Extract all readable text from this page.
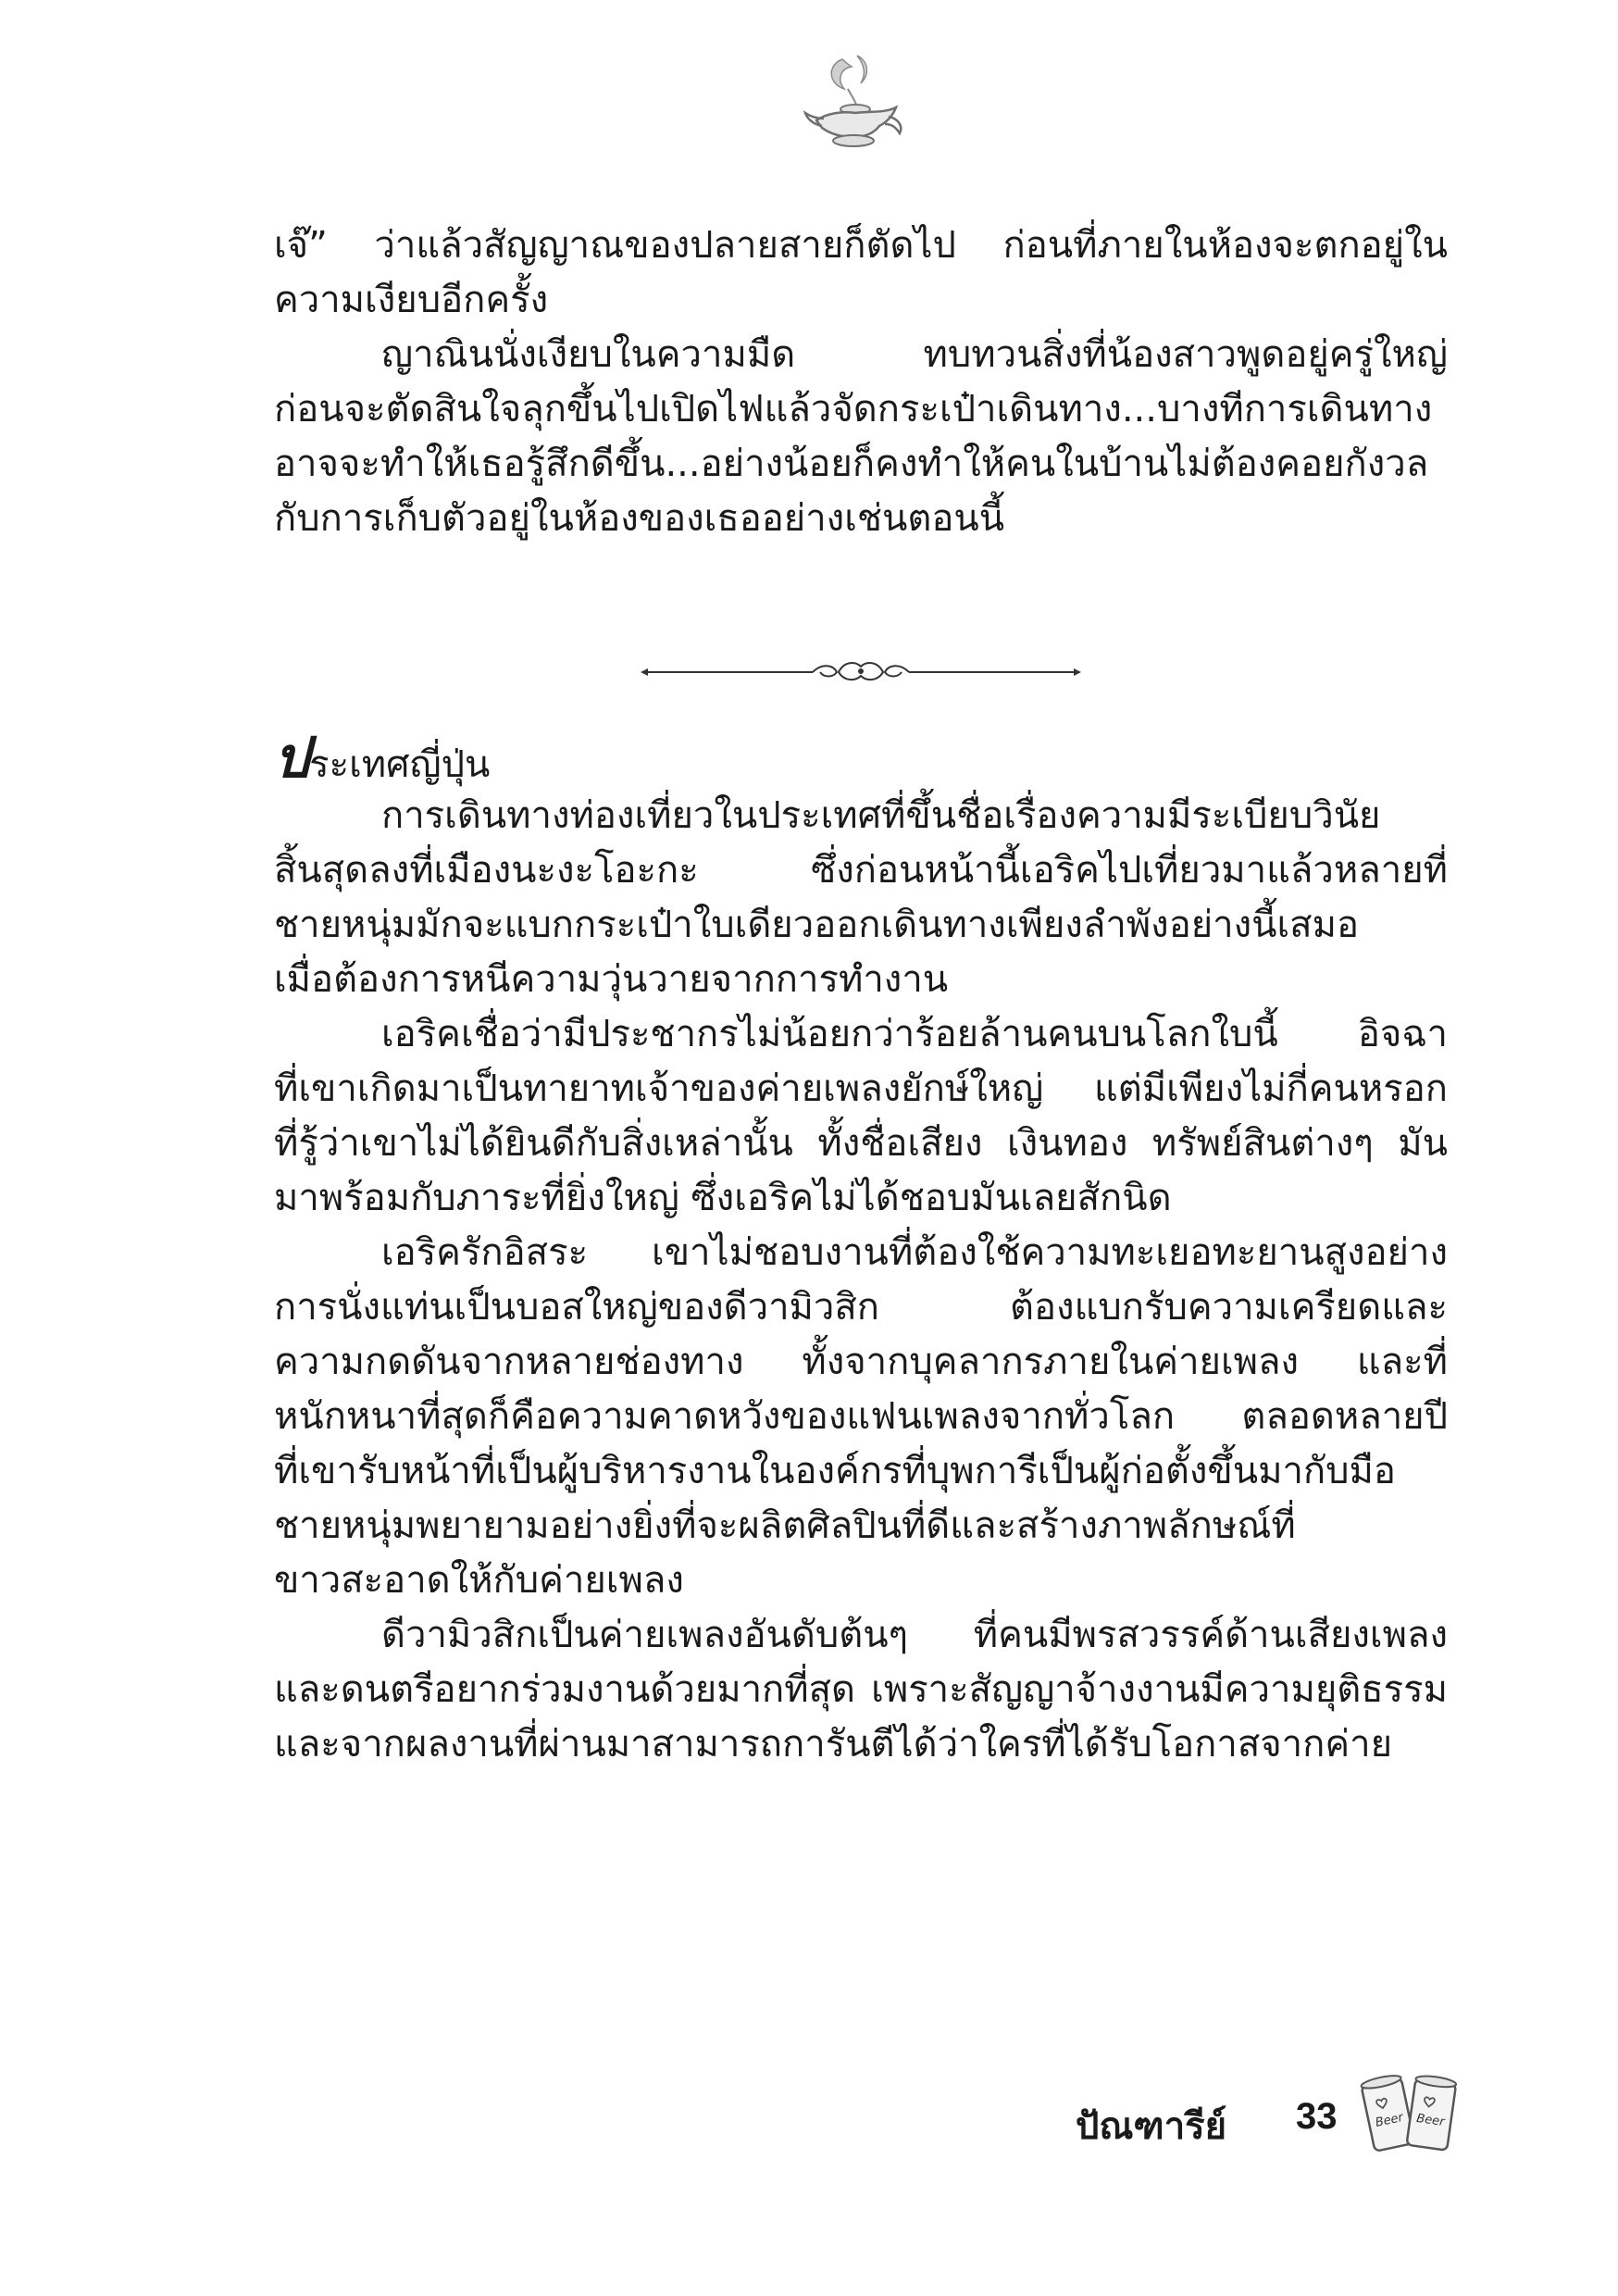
เจ๊” ว่าแล้วสัญญาณของปลายสายก็ตัดไป ก่อนที่ภายในห้องจะตกอยู่ใน
ความเงียบอีกครั้ง
ญาณินนั่งเงียบในความมืด ทบทวนสิ่งที่น้องสาวพูดอยู่ครู่ใหญ่
ก่อนจะตัดสินใจลุกขึ้นไปเปิดไฟแล้วจัดกระเป๋าเดินทาง...บางทีการเดินทาง
อาจจะทำให้เธอรู้สึกดีขึ้น...อย่างน้อยก็คงทำให้คนในบ้านไม่ต้องคอยกังวล
กับการเก็บตัวอยู่ในห้องของเธออย่างเช่นตอนนี้
ประเทศญี่ปุ่น
การเดินทางท่องเที่ยวในประเทศที่ขึ้นชื่อเรื่องความมีระเบียบวินัย
สิ้นสุดลงที่เมืองนะงะโอะกะ ซึ่งก่อนหน้านี้เอริคไปเที่ยวมาแล้วหลายที่
ชายหนุ่มมักจะแบกกระเป๋าใบเดียวออกเดินทางเพียงลำพังอย่างนี้เสมอ
เมื่อต้องการหนีความวุ่นวายจากการทำงาน
เอริคเชื่อว่ามีประชากรไม่น้อยกว่าร้อยล้านคนบนโลกใบนี้ อิจฉา
ที่เขาเกิดมาเป็นทายาทเจ้าของค่ายเพลงยักษ์ใหญ่ แต่มีเพียงไม่กี่คนหรอก
ที่รู้ว่าเขาไม่ได้ยินดีกับสิ่งเหล่านั้น ทั้งชื่อเสียง เงินทอง ทรัพย์สินต่างๆ มัน
มาพร้อมกับภาระที่ยิ่งใหญ่ ซึ่งเอริคไม่ได้ชอบมันเลยสักนิด
เอริครักอิสระ เขาไม่ชอบงานที่ต้องใช้ความทะเยอทะยานสูงอย่าง
การนั่งแท่นเป็นบอสใหญ่ของดีวามิวสิก ต้องแบกรับความเครียดและ
ความกดดันจากหลายช่องทาง ทั้งจากบุคลากรภายในค่ายเพลง และที่
หนักหนาที่สุดก็คือความคาดหวังของแฟนเพลงจากทั่วโลก ตลอดหลายปี
ที่เขารับหน้าที่เป็นผู้บริหารงานในองค์กรที่บุพการีเป็นผู้ก่อตั้งขึ้นมากับมือ
ชายหนุ่มพยายามอย่างยิ่งที่จะผลิตศิลปินที่ดีและสร้างภาพลักษณ์ที่
ขาวสะอาดให้กับค่ายเพลง
ดีวามิวสิกเป็นค่ายเพลงอันดับต้นๆ ที่คนมีพรสวรรค์ด้านเสียงเพลง
และดนตรีอยากร่วมงานด้วยมากที่สุด เพราะสัญญาจ้างงานมีความยุติธรรม
และจากผลงานที่ผ่านมาสามารถการันตีได้ว่าใครที่ได้รับโอกาสจากค่าย
ปัณฑารีย์ 33	Beer Beer
